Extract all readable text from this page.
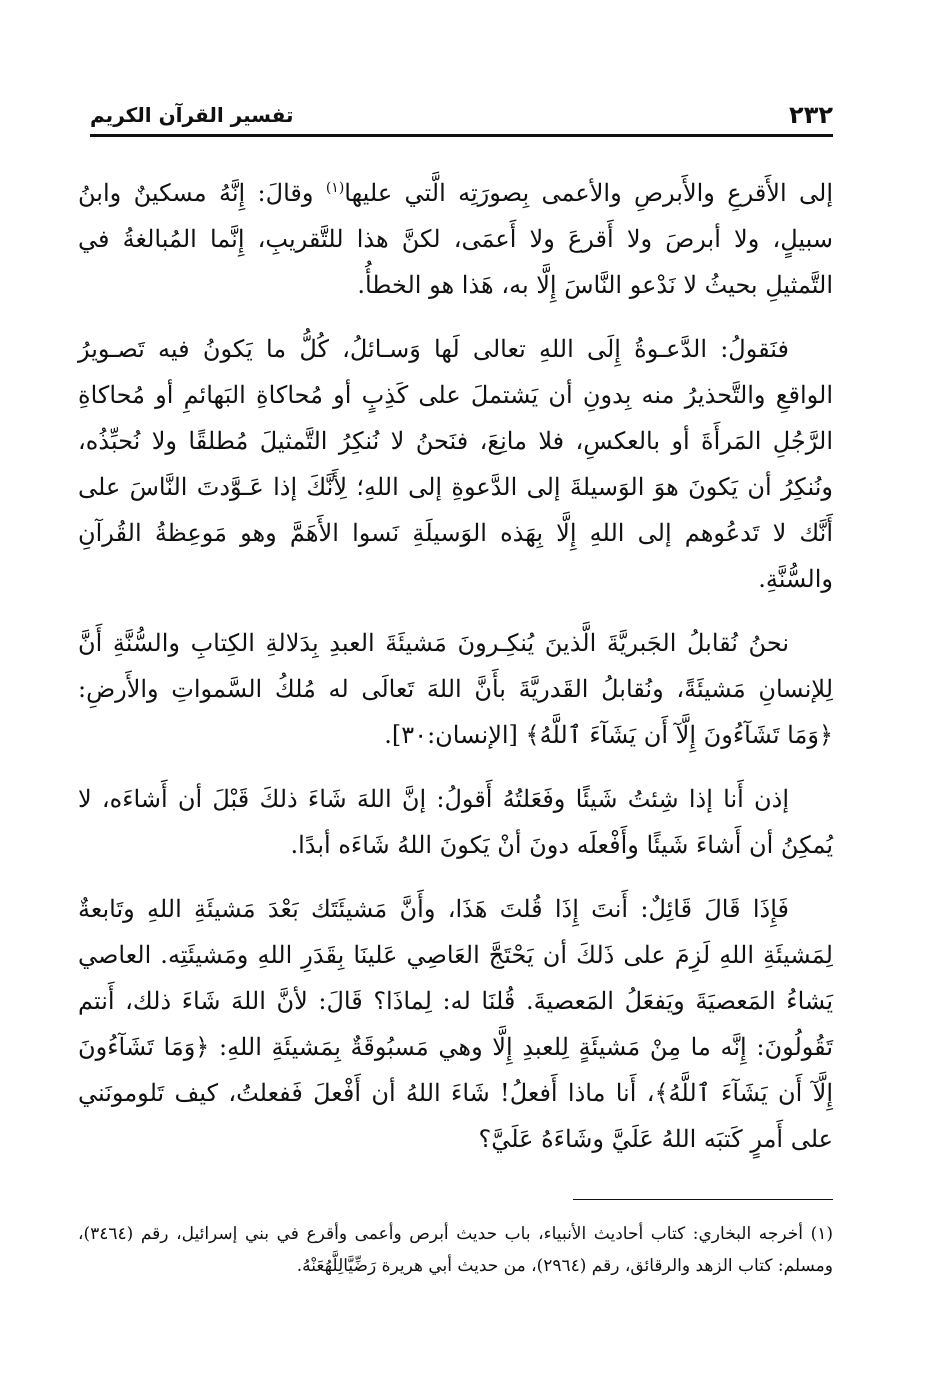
٢٣٢
تفسير القرآن الكريم

إلى الأَقرعِ والأَبرصِ والأعمى بِصورَتِه الَّتي عليها$^{(١)}$ وقالَ: إِنَّهُ مسكينٌ وابنُ سبيلٍ، ولا أبرصَ ولا أَقرعَ ولا أَعمَى، لكنَّ هذا للتَّقريبِ، إِنَّما المُبالغةُ في التَّمثيلِ بحيثُ لا نَدْعو النَّاسَ إِلَّا به، هَذا هو الخطأُ.

فنَقولُ: الدَّعـوةُ إِلَى اللهِ تعالى لَها وَسـائلُ، كُلُّ ما يَكونُ فيه تَصـويرُ الواقعِ والتَّحذيرُ منه بِدونِ أن يَشتملَ على كَذِبٍ أو مُحاكاةِ البَهائمِ أو مُحاكاةِ الرَّجُلِ المَرأَةَ أو بالعكسِ، فلا مانِعَ، فنَحنُ لا نُنكِرُ التَّمثيلَ مُطلقًا ولا نُحبِّذُه، ونُنكِرُ أن يَكونَ هوَ الوَسيلةَ إلى الدَّعوةِ إلى اللهِ؛ لِأَنَّكَ إذا عَـوَّدتَ النَّاسَ على أَنَّك لا تَدعُوهم إلى اللهِ إِلَّا بِهَذه الوَسيلَةِ نَسوا الأَهَمَّ وهو مَوعِظةُ القُرآنِ والسُّنَّةِ.

نحنُ نُقابلُ الجَبريَّةَ الَّذينَ يُنكِـرونَ مَشيئَةَ العبدِ بِدَلالةِ الكِتابِ والسُّنَّةِ أَنَّ لِلإنسانِ مَشيئَةً، ونُقابلُ القَدريَّةَ بأَنَّ اللهَ تَعالَى له مُلكُ السَّمواتِ والأَرضِ: ﴿وَمَا تَشَآءُونَ إِلَّآ أَن يَشَآءَ ٱللَّهُ﴾ [الإنسان:٣٠].

إذن أَنا إذا شِئتُ شَيئًا وفَعَلتُهُ أَقولُ: إنَّ اللهَ شَاءَ ذلكَ قَبْلَ أن أَشاءَه، لا يُمكِنُ أن أَشاءَ شَيئًا وأَفْعلَه دونَ أنْ يَكونَ اللهُ شَاءَه أبدًا.

فَإِذَا قَالَ قَائِلٌ: أَنتَ إِذَا قُلتَ هَذَا، وأَنَّ مَشيئَتَك بَعْدَ مَشيئَةِ اللهِ وتَابعةٌ لِمَشيئَةِ اللهِ لَزِمَ على ذَلكَ أن يَحْتَجَّ العَاصِي عَلينَا بِقَدَرِ اللهِ ومَشيئَتِه. العاصي يَشاءُ المَعصيَةَ ويَفعَلُ المَعصيةَ. قُلنَا له: لِماذَا؟ قَالَ: لأنَّ اللهَ شَاءَ ذلك، أَنتم تَقُولُونَ: إِنَّه ما مِنْ مَشيئَةٍ لِلعبدِ إِلَّا وهي مَسبُوقَةٌ بِمَشيئَةِ اللهِ: ﴿وَمَا تَشَآءُونَ إِلَّآ أَن يَشَآءَ ٱللَّهُ﴾، أَنا ماذا أَفعلُ! شَاءَ اللهُ أن أَفْعلَ فَفعلتُ، كيف تَلومونَني على أَمرٍ كَتبَه اللهُ عَلَيَّ وشَاءَهُ عَلَيَّ؟

(١) أخرجه البخاري: كتاب أحاديث الأنبياء، باب حديث أبرص وأعمى وأقرع في بني إسرائيل، رقم (٣٤٦٤)، ومسلم: كتاب الزهد والرقائق، رقم (٢٩٦٤)، من حديث أبي هريرة رَضِّيَّالِلَّهُعَنْهُ.
